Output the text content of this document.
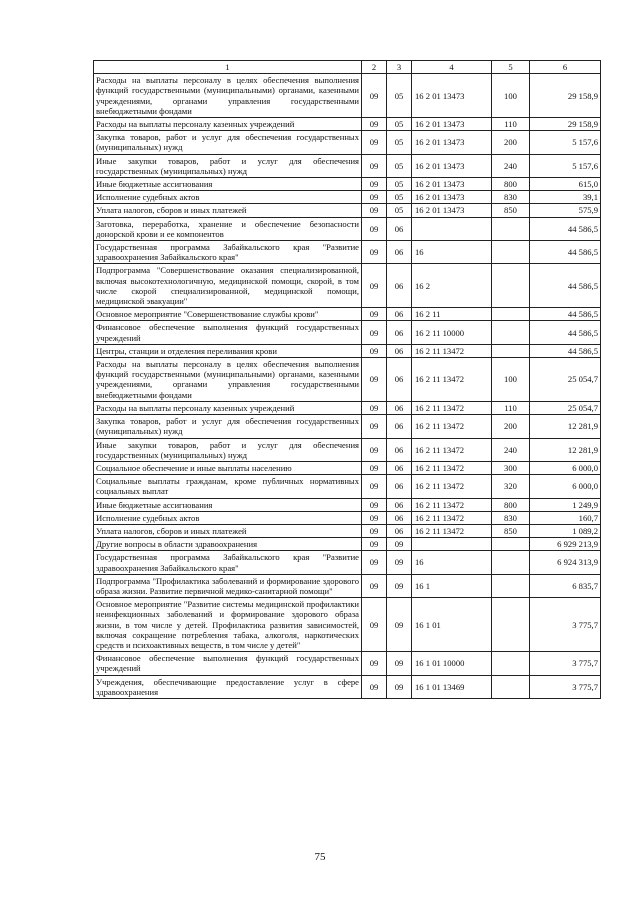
1	2	3	4	5	6
Расходы на выплаты персоналу в целях обеспечения выполнения функций государственными (муниципальными) органами, казенными учреждениями, органами управления государственными внебюджетными фондами	09	05	16 2 01 13473	100	29 158,9
Расходы на выплаты персоналу казенных учреждений	09	05	16 2 01 13473	110	29 158,9
Закупка товаров, работ и услуг для обеспечения государственных (муниципальных) нужд	09	05	16 2 01 13473	200	5 157,6
Иные закупки товаров, работ и услуг для обеспечения государственных (муниципальных) нужд	09	05	16 2 01 13473	240	5 157,6
Иные бюджетные ассигнования	09	05	16 2 01 13473	800	615,0
Исполнение судебных актов	09	05	16 2 01 13473	830	39,1
Уплата налогов, сборов и иных платежей	09	05	16 2 01 13473	850	575,9
Заготовка, переработка, хранение и обеспечение безопасности донорской крови и ее компонентов	09	06			44 586,5
Государственная программа Забайкальского края "Развитие здравоохранения Забайкальского края"	09	06	16		44 586,5
Подпрограмма "Совершенствование оказания специализированной, включая высокотехнологичную, медицинской помощи, скорой, в том числе скорой специализированной, медицинской помощи, медицинской эвакуации"	09	06	16 2		44 586,5
Основное мероприятие "Совершенствование службы крови"	09	06	16 2 11		44 586,5
Финансовое обеспечение выполнения функций государственных учреждений	09	06	16 2 11 10000		44 586,5
Центры, станции и отделения переливания крови	09	06	16 2 11 13472		44 586,5
Расходы на выплаты персоналу в целях обеспечения выполнения функций государственными (муниципальными) органами, казенными учреждениями, органами управления государственными внебюджетными фондами	09	06	16 2 11 13472	100	25 054,7
Расходы на выплаты персоналу казенных учреждений	09	06	16 2 11 13472	110	25 054,7
Закупка товаров, работ и услуг для обеспечения государственных (муниципальных) нужд	09	06	16 2 11 13472	200	12 281,9
Иные закупки товаров, работ и услуг для обеспечения государственных (муниципальных) нужд	09	06	16 2 11 13472	240	12 281,9
Социальное обеспечение и иные выплаты населению	09	06	16 2 11 13472	300	6 000,0
Социальные выплаты гражданам, кроме публичных нормативных социальных выплат	09	06	16 2 11 13472	320	6 000,0
Иные бюджетные ассигнования	09	06	16 2 11 13472	800	1 249,9
Исполнение судебных актов	09	06	16 2 11 13472	830	160,7
Уплата налогов, сборов и иных платежей	09	06	16 2 11 13472	850	1 089,2
Другие вопросы в области здравоохранения	09	09			6 929 213,9
Государственная программа Забайкальского края "Развитие здравоохранения Забайкальского края"	09	09	16		6 924 313,9
Подпрограмма "Профилактика заболеваний и формирование здорового образа жизни. Развитие первичной медико-санитарной помощи"	09	09	16 1		6 835,7
Основное мероприятие "Развитие системы медицинской профилактики неинфекционных заболеваний и формирование здорового образа жизни, в том числе у детей. Профилактика развития зависимостей, включая сокращение потребления табака, алкоголя, наркотических средств и психоактивных веществ, в том числе у детей"	09	09	16 1 01		3 775,7
Финансовое обеспечение выполнения функций государственных учреждений	09	09	16 1 01 10000		3 775,7
Учреждения, обеспечивающие предоставление услуг в сфере здравоохранения	09	09	16 1 01 13469		3 775,7
75
